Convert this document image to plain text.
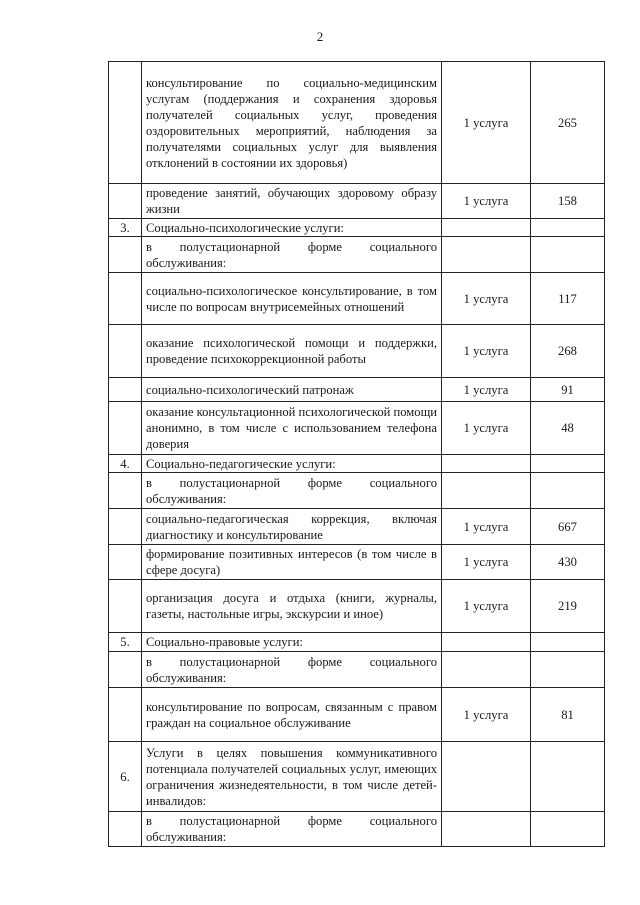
2
	консультирование по социально-медицинским услугам (поддержания и сохранения здоровья получателей социальных услуг, проведения оздоровительных мероприятий, наблюдения за получателями социальных услуг для выявления отклонений в состоянии их здоровья)	1 услуга	265
	проведение занятий, обучающих здоровому образу жизни	1 услуга	158
3.	Социально-психологические услуги:		
	в полустационарной форме социального обслуживания:		
	социально-психологическое консультирование, в том числе по вопросам внутрисемейных отношений	1 услуга	117
	оказание психологической помощи и поддержки, проведение психокоррекционной работы	1 услуга	268
	социально-психологический патронаж	1 услуга	91
	оказание консультационной психологической помощи анонимно, в том числе с использованием телефона доверия	1 услуга	48
4.	Социально-педагогические услуги:		
	в полустационарной форме социального обслуживания:		
	социально-педагогическая коррекция, включая диагностику и консультирование	1 услуга	667
	формирование позитивных интересов (в том числе в сфере досуга)	1 услуга	430
	организация досуга и отдыха (книги, журналы, газеты, настольные игры, экскурсии и иное)	1 услуга	219
5.	Социально-правовые услуги:		
	в полустационарной форме социального обслуживания:		
	консультирование по вопросам, связанным с правом граждан на социальное обслуживание	1 услуга	81
6.	Услуги в целях повышения коммуникативного потенциала получателей социальных услуг, имеющих ограничения жизнедеятельности, в том числе детей-инвалидов:		
	в полустационарной форме социального обслуживания:		
